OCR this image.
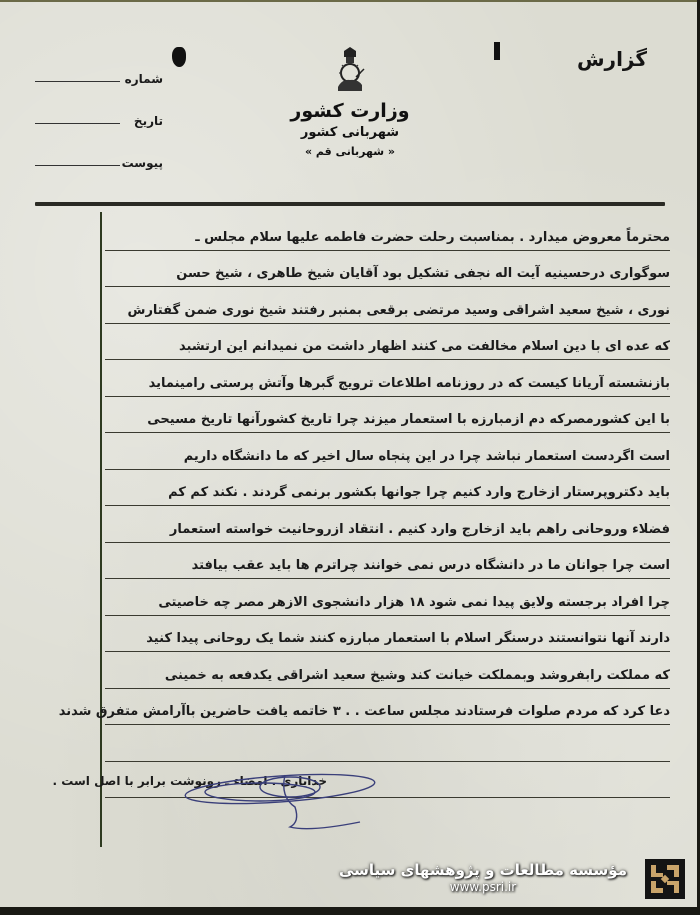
گزارش
شماره
تاریخ
پیوست
وزارت کشور
شهربانی کشور
« شهربانی قم »
محترماً معروض میدارد . بمناسبت رحلت حضرت فاطمه علیها سلام مجلس ـ
سوگواری درحسینیه آیت اله نجفی تشکیل بود آقایان شیخ طاهری ، شیخ حسن
نوری ، شیخ سعید اشراقی وسید مرتضی برقعی بمنبر رفتند شیخ نوری ضمن گفتارش
که عده ای با دین اسلام مخالفت می کنند اظهار داشت من نمیدانم این ارتشبد
بازنشسته آریانا کیست که در روزنامه اطلاعات ترویج گبرها وآتش پرستی رامینماید
با این کشورمصرکه دم ازمبارزه با استعمار میزند چرا تاریخ کشورآنها تاریخ مسیحی
است اگردست استعمار نباشد چرا در این پنجاه سال اخیر که ما دانشگاه داریم
باید دکتروپرستار ازخارج وارد کنیم چرا جوانها بکشور برنمی گردند . نکند کم کم
فضلاء وروحانی راهم باید ازخارج وارد کنیم . انتقاد ازروحانیت خواسته استعمار
است چرا جوانان ما در دانشگاه درس نمی خوانند چراترم ها باید عقب بیافتد
چرا افراد برجسته ولایق پیدا نمی شود ۱۸ هزار دانشجوی الازهر مصر چه خاصیتی
دارند آنها نتوانستند درسنگر اسلام با استعمار مبارزه کنند شما یک روحانی پیدا کنید
که مملکت رابفروشد وبمملکت خیانت کند وشیخ سعید اشراقی یکدفعه به خمینی
دعا کرد که مردم صلوات فرستادند مجلس ساعت . . ۳ خاتمه یافت حاضرین باآرامش متفرق شدند
خدایاری . امضاء ـ رونوشت برابر با اصل است .
مؤسسه مطالعات و پژوهشهای سیاسی
www.psri.ir
